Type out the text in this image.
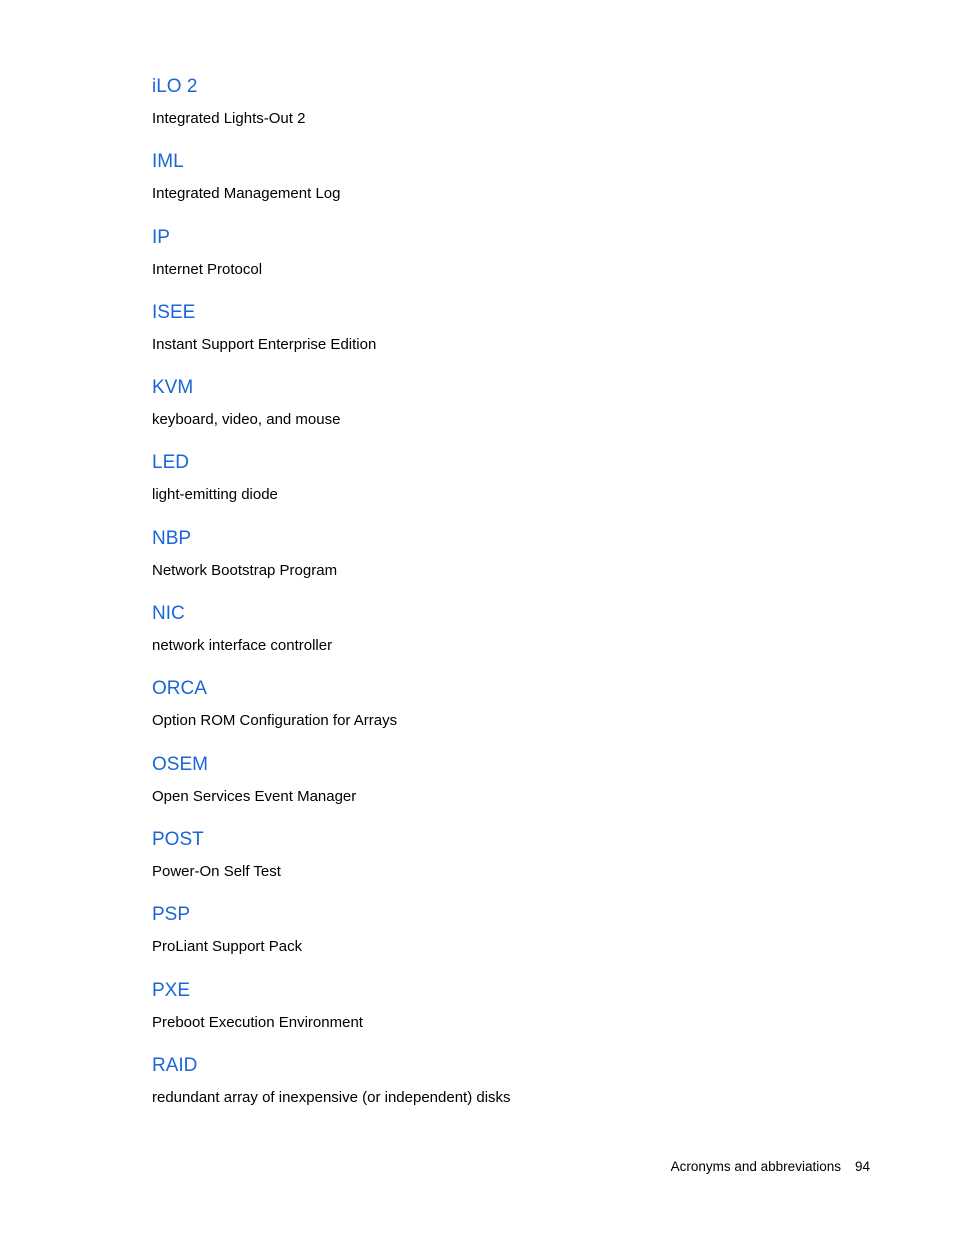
iLO 2
Integrated Lights-Out 2
IML
Integrated Management Log
IP
Internet Protocol
ISEE
Instant Support Enterprise Edition
KVM
keyboard, video, and mouse
LED
light-emitting diode
NBP
Network Bootstrap Program
NIC
network interface controller
ORCA
Option ROM Configuration for Arrays
OSEM
Open Services Event Manager
POST
Power-On Self Test
PSP
ProLiant Support Pack
PXE
Preboot Execution Environment
RAID
redundant array of inexpensive (or independent) disks
Acronyms and abbreviations 94
